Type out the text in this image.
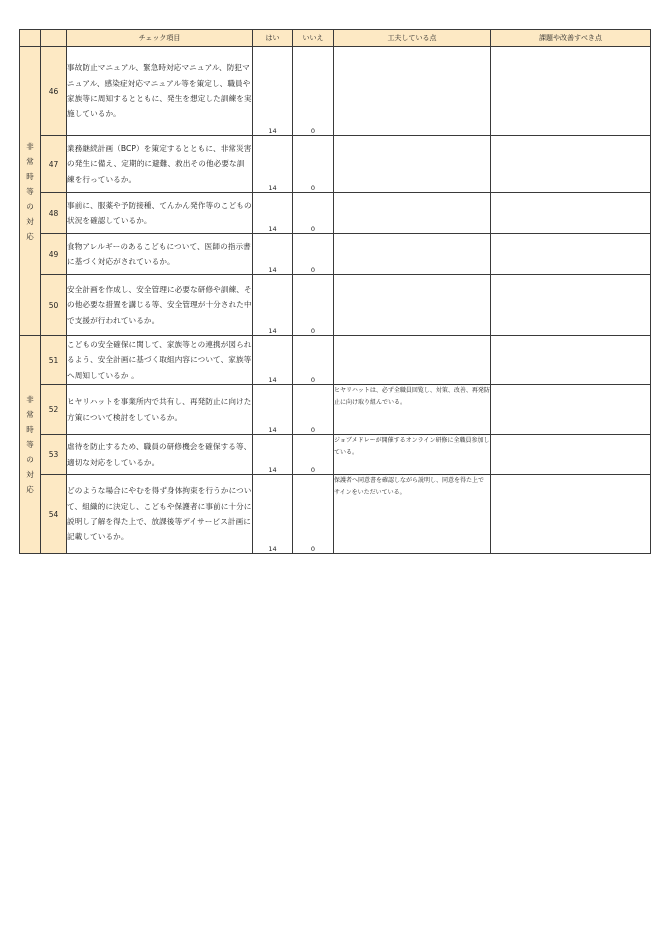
		チェック項目	はい	いいえ	工夫している点	課題や改善すべき点
非常時等の対応	46	事故防止マニュアル、緊急時対応マニュアル、防犯マニュアル、感染症対応マニュアル等を策定し、職員や家族等に周知するとともに、発生を想定した訓練を実施しているか。	14	0		
	47	業務継続計画（BCP）を策定するとともに、非常災害の発生に備え、定期的に避難、救出その他必要な訓練を行っているか。	14	0		
	48	事前に、服薬や予防接種、てんかん発作等のこどもの状況を確認しているか。	14	0		
	49	食物アレルギーのあるこどもについて、医師の指示書に基づく対応がされているか。	14	0		
	50	安全計画を作成し、安全管理に必要な研修や訓練、その他必要な措置を講じる等、安全管理が十分された中で支援が行われているか。	14	0		
非常時等の対応	51	こどもの安全確保に関して、家族等との連携が図られるよう、安全計画に基づく取組内容について、家族等へ周知しているか 。	14	0		
	52	ヒヤリハットを事業所内で共有し、再発防止に向けた方策について検討をしているか。	14	0	ヒヤリハットは、必ず全職員回覧し、対策、改善、再発防止に向け取り組んでいる。	
	53	虐待を防止するため、職員の研修機会を確保する等、適切な対応をしているか。	14	0	ジョブメドレーが開催するオンライン研修に全職員参加している。	
	54	どのような場合にやむを得ず身体拘束を行うかについて、組織的に決定し、こどもや保護者に事前に十分に説明し了解を得た上で、放課後等デイサービス計画に記載しているか。	14	0	保護者へ同意書を確認しながら説明し、同意を得た上でサインをいただいている。	
